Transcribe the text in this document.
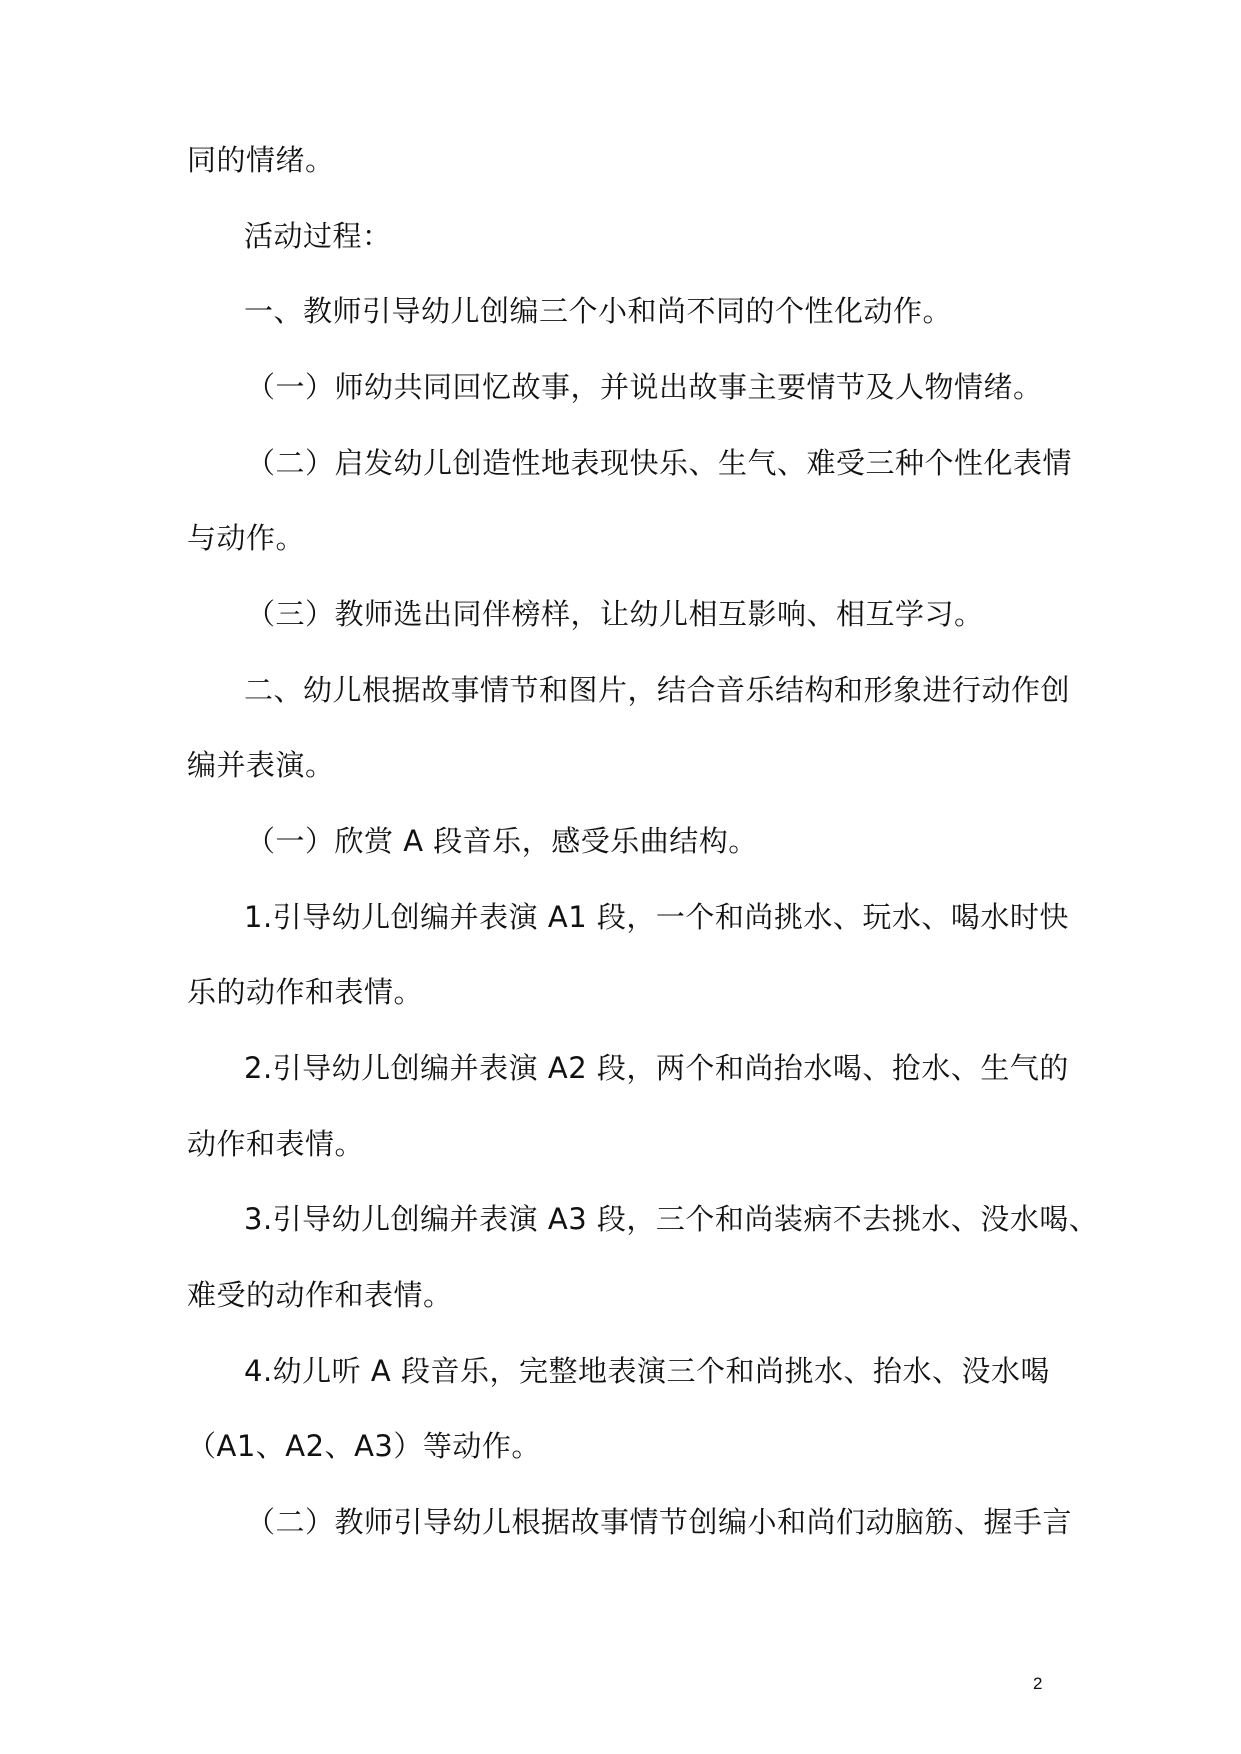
同的情绪。
活动过程：
一、教师引导幼儿创编三个小和尚不同的个性化动作。
（一）师幼共同回忆故事，并说出故事主要情节及人物情绪。
（二）启发幼儿创造性地表现快乐、生气、难受三种个性化表情
与动作。
（三）教师选出同伴榜样，让幼儿相互影响、相互学习。
二、幼儿根据故事情节和图片，结合音乐结构和形象进行动作创
编并表演。
（一）欣赏 A 段音乐，感受乐曲结构。
1.引导幼儿创编并表演 A1 段，一个和尚挑水、玩水、喝水时快
乐的动作和表情。
2.引导幼儿创编并表演 A2 段，两个和尚抬水喝、抢水、生气的
动作和表情。
3.引导幼儿创编并表演 A3 段，三个和尚装病不去挑水、没水喝、
难受的动作和表情。
4.幼儿听 A 段音乐，完整地表演三个和尚挑水、抬水、没水喝
（A1、A2、A3）等动作。
（二）教师引导幼儿根据故事情节创编小和尚们动脑筋、握手言
2
